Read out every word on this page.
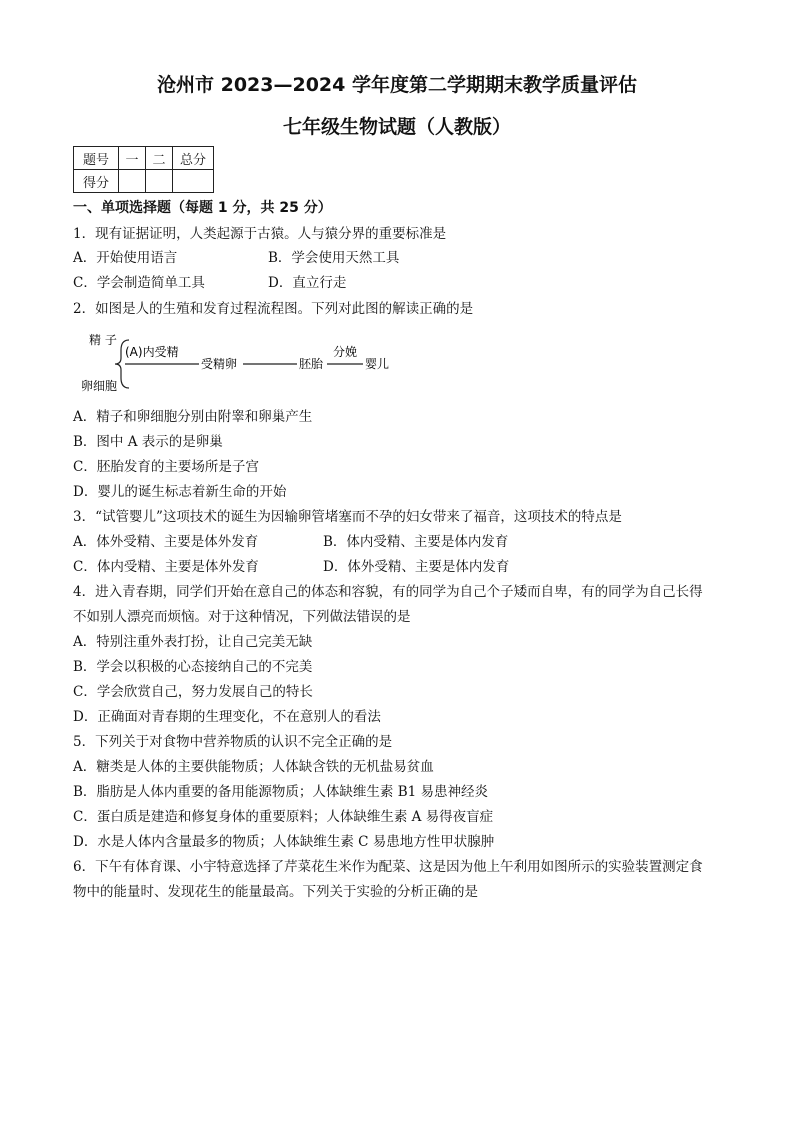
沧州市 2023—2024 学年度第二学期期末教学质量评估
七年级生物试题（人教版）
题号	一	二	总分
得分			
一、单项选择题（每题 1 分，共 25 分）
1．现有证据证明，人类起源于古猿。人与猿分界的重要标准是
A．开始使用语言	B．学会使用天然工具
C．学会制造简单工具	D．直立行走
2．如图是人的生殖和发育过程流程图。下列对此图的解读正确的是
精 子
卵细胞
(A)内受精
受精卵	胚胎
分娩
婴儿
A．精子和卵细胞分别由附睾和卵巢产生
B．图中 A 表示的是卵巢
C．胚胎发育的主要场所是子宫
D．婴儿的诞生标志着新生命的开始
3．“试管婴儿”这项技术的诞生为因输卵管堵塞而不孕的妇女带来了福音，这项技术的特点是
A．体外受精、主要是体外发育	B．体内受精、主要是体内发育
C．体内受精、主要是体外发育	D．体外受精、主要是体内发育
4．进入青春期，同学们开始在意自己的体态和容貌，有的同学为自己个子矮而自卑，有的同学为自己长得
不如别人漂亮而烦恼。对于这种情况，下列做法错误的是
A．特别注重外表打扮，让自己完美无缺
B．学会以积极的心态接纳自己的不完美
C．学会欣赏自己，努力发展自己的特长
D．正确面对青春期的生理变化，不在意别人的看法
5．下列关于对食物中营养物质的认识不完全正确的是
A．糖类是人体的主要供能物质；人体缺含铁的无机盐易贫血
B．脂肪是人体内重要的备用能源物质；人体缺维生素 B1 易患神经炎
C．蛋白质是建造和修复身体的重要原料；人体缺维生素 A 易得夜盲症
D．水是人体内含量最多的物质；人体缺维生素 C 易患地方性甲状腺肿
6．下午有体育课、小宇特意选择了芹菜花生米作为配菜、这是因为他上午利用如图所示的实验装置测定食
物中的能量时、发现花生的能量最高。下列关于实验的分析正确的是
